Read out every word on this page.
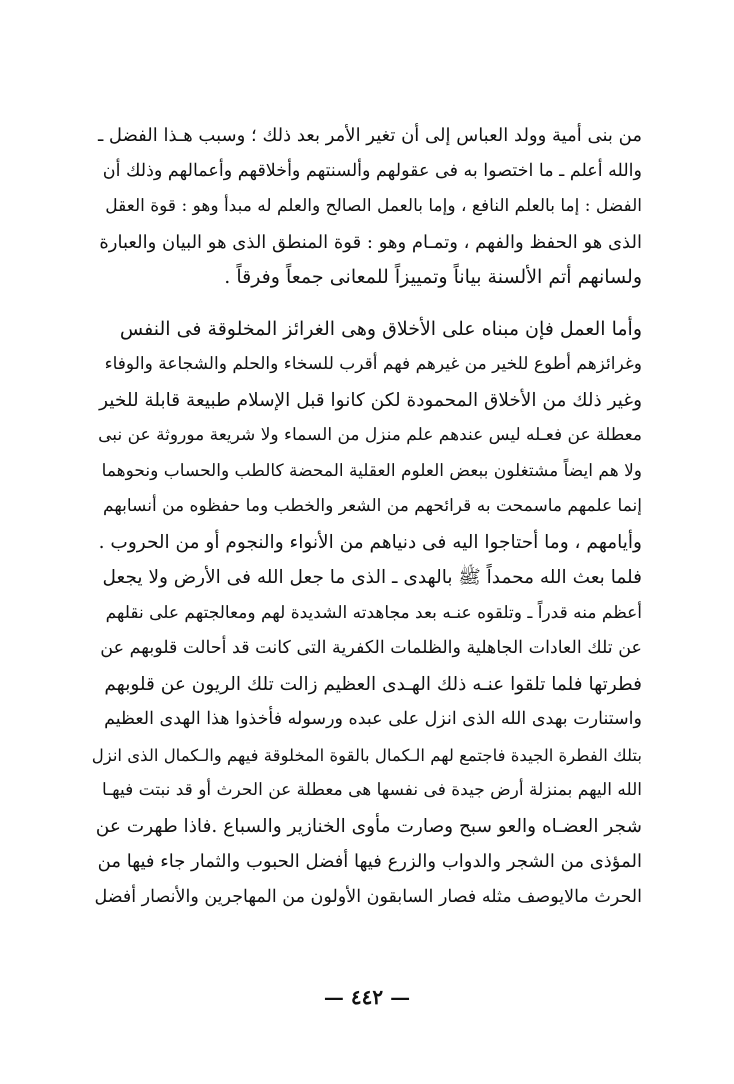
من بنى أمية وولد العباس إلى أن تغير الأمر بعد ذلك ؛ وسبب هـذا الفضل ـ
والله أعلم ـ ما اختصوا به فى عقولهم وألسنتهم وأخلاقهم وأعمالهم وذلك أن
الفضل : إما بالعلم النافع ، وإما بالعمل الصالح والعلم له مبدأ وهو : قوة العقل
الذى هو الحفظ والفهم ، وتمـام وهو : قوة المنطق الذى هو البيان والعبارة
ولسانهم أتم الألسنة بياناً وتمييزاً للمعانى جمعاً وفرقاً .
وأما العمل فإن مبناه على الأخلاق وهى الغرائز المخلوقة فى النفس
وغرائزهم أطوع للخير من غيرهم فهم أقرب للسخاء والحلم والشجاعة والوفاء
وغير ذلك من الأخلاق المحمودة لكن كانوا قبل الإسلام طبيعة قابلة للخير
معطلة عن فعـله ليس عندهم علم منزل من السماء ولا شريعة موروثة عن نبى
ولا هم ايضاً مشتغلون ببعض العلوم العقلية المحضة كالطب والحساب ونحوهما
إنما علمهم ماسمحت به قرائحهم من الشعر والخطب وما حفظوه من أنسابهم
وأيامهم ، وما أحتاجوا اليه فى دنياهم من الأنواء والنجوم أو من الحروب .
فلما بعث الله محمداً ﷺ بالهدى ـ الذى ما جعل الله فى الأرض ولا يجعل
أعظم منه قدراً ـ وتلقوه عنـه بعد مجاهدته الشديدة لهم ومعالجتهم على نقلهم
عن تلك العادات الجاهلية والظلمات الكفرية التى كانت قد أحالت قلوبهم عن
فطرتها فلما تلقوا عنـه ذلك الهـدى العظيم زالت تلك الريون عن قلوبهم
واستنارت بهدى الله الذى انزل على عبده ورسوله فأخذوا هذا الهدى العظيم
بتلك الفطرة الجيدة فاجتمع لهم الـكمال بالقوة المخلوقة فيهم والـكمال الذى انزل
الله اليهم بمنزلة أرض جيدة فى نفسها هى معطلة عن الحرث أو قد نبتت فيهـا
شجر العضـاه والعو سبح وصارت مأوى الخنازير والسباع .فاذا طهرت عن
المؤذى من الشجر والدواب والزرع فيها أفضل الحبوب والثمار جاء فيها من
الحرث مالايوصف مثله فصار السابقون الأولون من المهاجرين والأنصار أفضل
— ٤٤٢ —
